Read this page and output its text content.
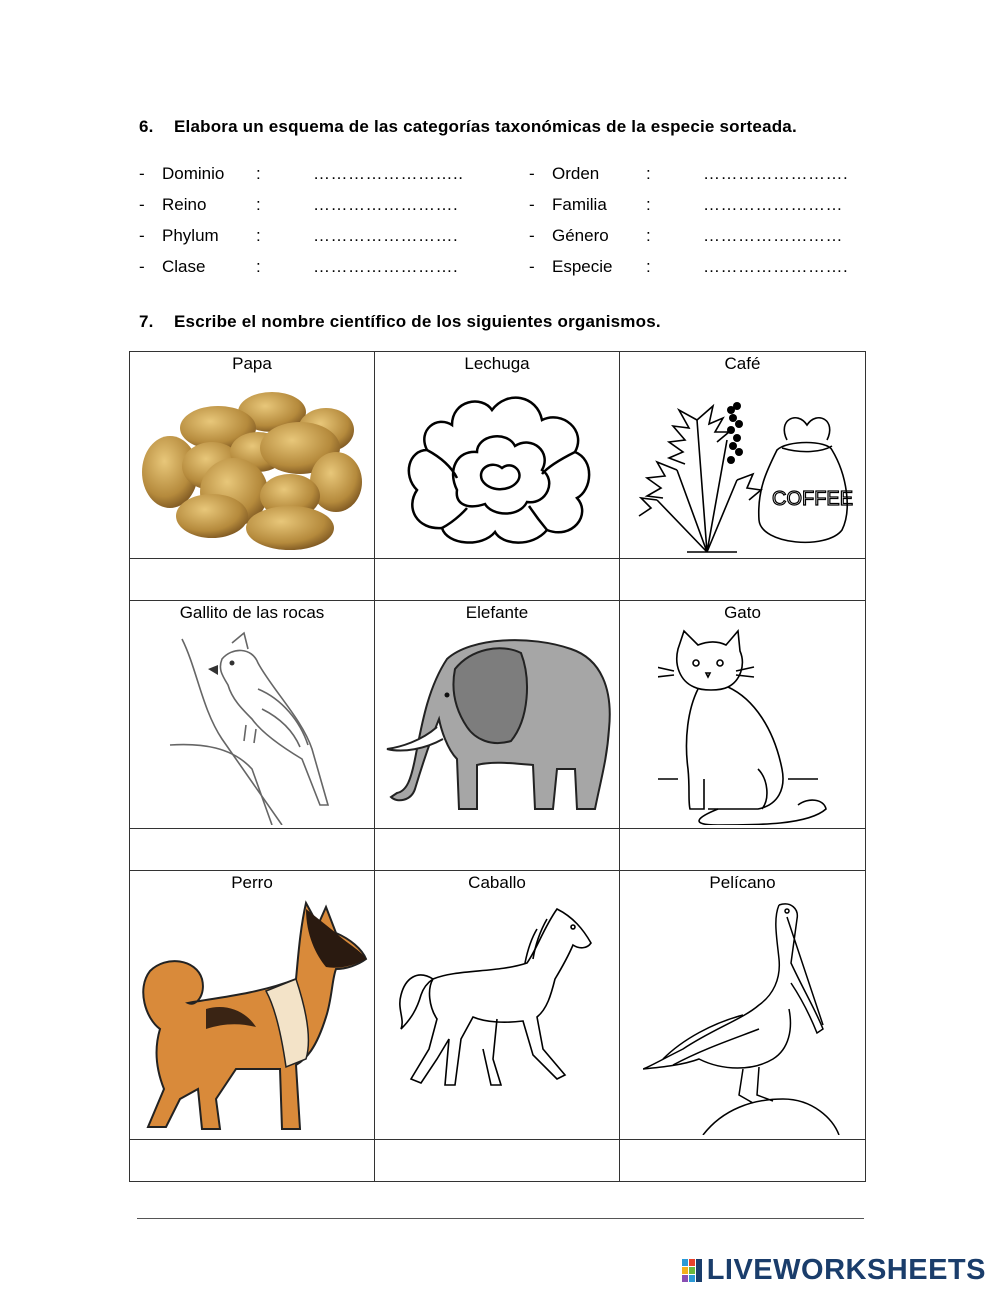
6. Elabora un esquema de las categorías taxonómicas de la especie sorteada.
- Dominio :	……………………..
- Reino	:	…………………….
- Phylum :	…………………….
- Clase	:	…………………….
- Orden	:	…………………….
- Familia :	……………………
- Género :	……………………
- Especie :	…………………….
7. Escribe el nombre científico de los siguientes organismos.
Papa	Lechuga	Café
COFFEE

Gallito de las rocas	Elefante	Gato

Perro	Caballo	Pelícano

LIVEWORKSHEETS
